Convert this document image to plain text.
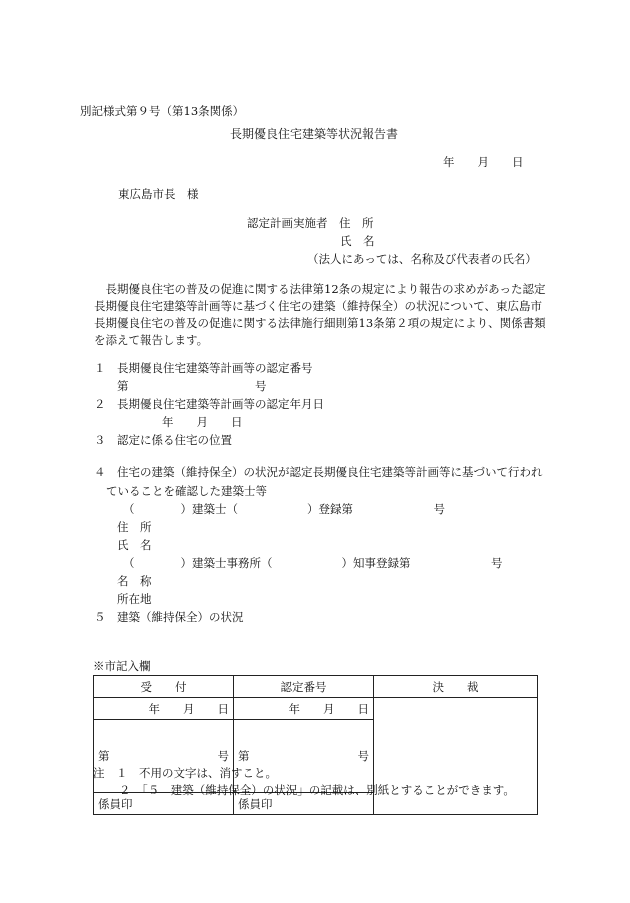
別記様式第９号（第13条関係）
長期優良住宅建築等状況報告書
年　　月　　日
東広島市長　様
認定計画実施者　住　所
氏　名
（法人にあっては、名称及び代表者の氏名）
　長期優良住宅の普及の促進に関する法律第12条の規定により報告の求めがあった認定
長期優良住宅建築等計画等に基づく住宅の建築（維持保全）の状況について、東広島市
長期優良住宅の普及の促進に関する法律施行細則第13条第２項の規定により、関係書類
を添えて報告します。
１　長期優良住宅建築等計画等の認定番号
第　　　　　　　　　　　号
２　長期優良住宅建築等計画等の認定年月日
年　　月　　日
３　認定に係る住宅の位置
４　住宅の建築（維持保全）の状況が認定長期優良住宅建築等計画等に基づいて行われ
ていることを確認した建築士等
（　　　　）建築士（　　　　　　）登録第　　　　　　　号
住　所
氏　名
（　　　　）建築士事務所（　　　　　　）知事登録第　　　　　　　号
名　称
所在地
５　建築（維持保全）の状況
※市記入欄
受　　付	認定番号	決　　裁
年　　月　　日	年　　月　　日	

第 号	第 号	

係員印	係員印	
注　１　不用の文字は、消すこと。
２　「５　建築（維持保全）の状況」の記載は、別紙とすることができます。
